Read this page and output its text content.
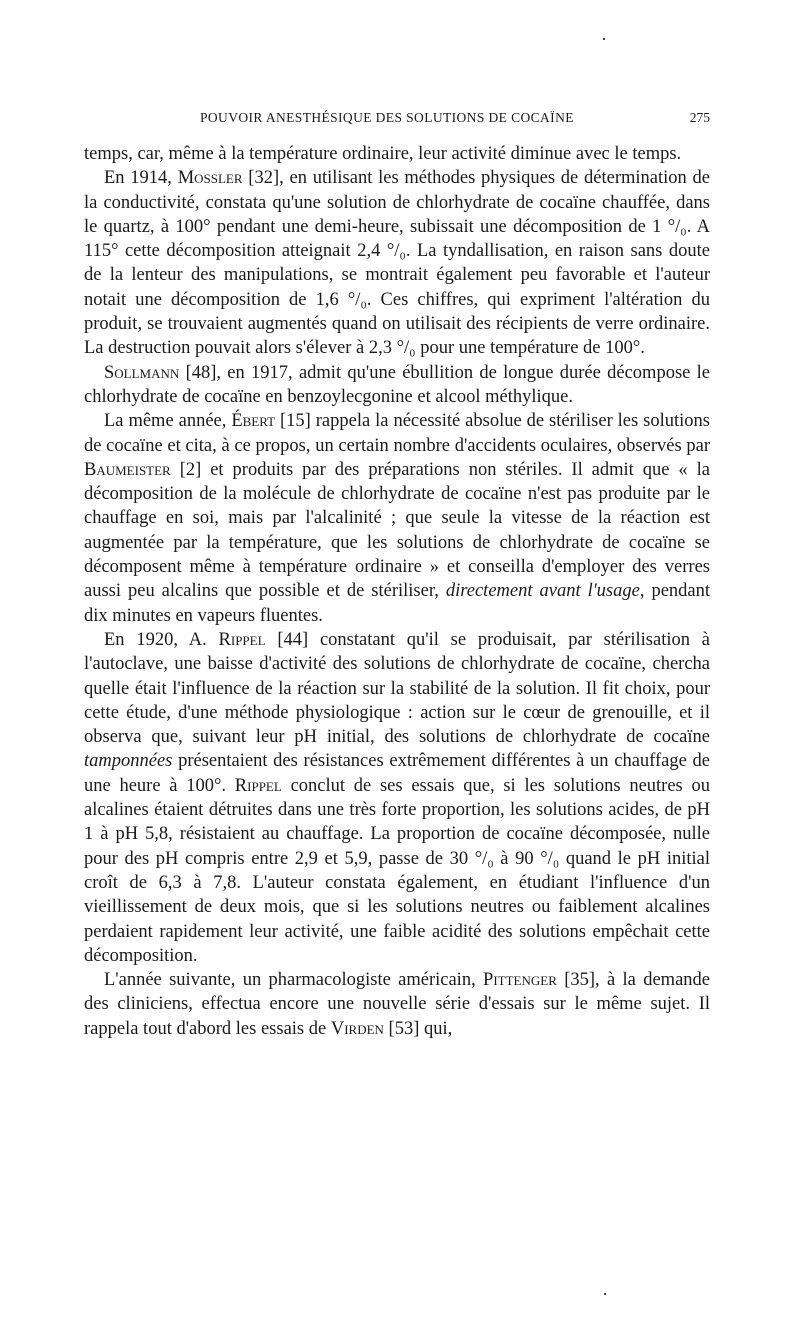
POUVOIR ANESTHÉSIQUE DES SOLUTIONS DE COCAÏNE	275

temps, car, même à la température ordinaire, leur activité diminue avec le temps.

En 1914, Mossler [32], en utilisant les méthodes physiques de détermination de la conductivité, constata qu'une solution de chlorhydrate de cocaïne chauffée, dans le quartz, à 100° pendant une demi-heure, subissait une décomposition de 1 °/₀. A 115° cette décomposition atteignait 2,4 °/₀. La tyndallisation, en raison sans doute de la lenteur des manipulations, se montrait également peu favorable et l'auteur notait une décomposition de 1,6 °/₀. Ces chiffres, qui expriment l'altération du produit, se trouvaient augmentés quand on utilisait des récipients de verre ordinaire. La destruction pouvait alors s'élever à 2,3 °/₀ pour une température de 100°.

Sollmann [48], en 1917, admit qu'une ébullition de longue durée décompose le chlorhydrate de cocaïne en benzoylecgonine et alcool méthylique.

La même année, Ébert [15] rappela la nécessité absolue de stériliser les solutions de cocaïne et cita, à ce propos, un certain nombre d'accidents oculaires, observés par Baumeister [2] et produits par des préparations non stériles. Il admit que « la décomposition de la molécule de chlorhydrate de cocaïne n'est pas produite par le chauffage en soi, mais par l'alcalinité ; que seule la vitesse de la réaction est augmentée par la température, que les solutions de chlorhydrate de cocaïne se décomposent même à température ordinaire » et conseilla d'employer des verres aussi peu alcalins que possible et de stériliser, directement avant l'usage, pendant dix minutes en vapeurs fluentes.

En 1920, A. Rippel [44] constatant qu'il se produisait, par stérilisation à l'autoclave, une baisse d'activité des solutions de chlorhydrate de cocaïne, chercha quelle était l'influence de la réaction sur la stabilité de la solution. Il fit choix, pour cette étude, d'une méthode physiologique : action sur le cœur de grenouille, et il observa que, suivant leur pH initial, des solutions de chlorhydrate de cocaïne tamponnées présentaient des résistances extrêmement différentes à un chauffage de une heure à 100°. Rippel conclut de ses essais que, si les solutions neutres ou alcalines étaient détruites dans une très forte proportion, les solutions acides, de pH 1 à pH 5,8, résistaient au chauffage. La proportion de cocaïne décomposée, nulle pour des pH compris entre 2,9 et 5,9, passe de 30 °/₀ à 90 °/₀ quand le pH initial croît de 6,3 à 7,8. L'auteur constata également, en étudiant l'influence d'un vieillissement de deux mois, que si les solutions neutres ou faiblement alcalines perdaient rapidement leur activité, une faible acidité des solutions empêchait cette décomposition.

L'année suivante, un pharmacologiste américain, Pittenger [35], à la demande des cliniciens, effectua encore une nouvelle série d'essais sur le même sujet. Il rappela tout d'abord les essais de Virden [53] qui,
